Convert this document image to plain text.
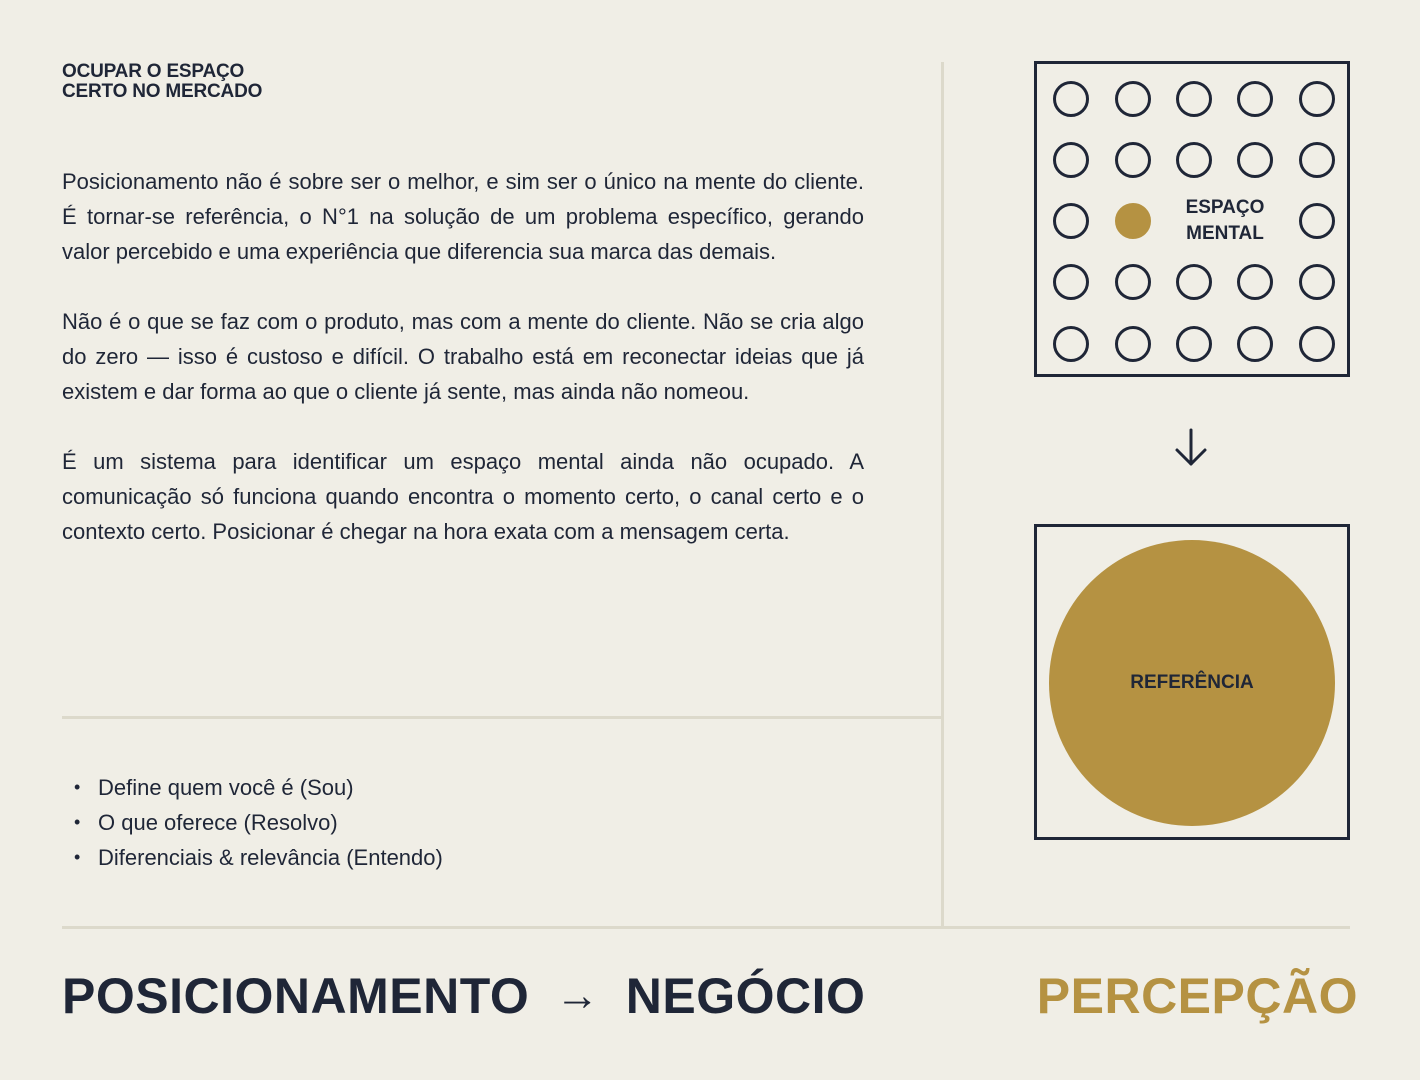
OCUPAR O ESPAÇO
CERTO NO MERCADO

Posicionamento não é sobre ser o melhor, e sim ser o único na mente do cliente. É tornar-se referência, o N°1 na solução de um problema específico, gerando valor percebido e uma experiência que diferencia sua marca das demais.

Não é o que se faz com o produto, mas com a mente do cliente. Não se cria algo do zero — isso é custoso e difícil. O trabalho está em reconectar ideias que já existem e dar forma ao que o cliente já sente, mas ainda não nomeou.

É um sistema para identificar um espaço mental ainda não ocupado. A comunicação só funciona quando encontra o momento certo, o canal certo e o contexto certo. Posicionar é chegar na hora exata com a mensagem certa.

• Define quem você é (Sou)
• O que oferece (Resolvo)
• Diferenciais & relevância (Entendo)
POSICIONAMENTO → NEGÓCIO	PERCEPÇÃO
ESPAÇO
MENTAL
REFERÊNCIA
